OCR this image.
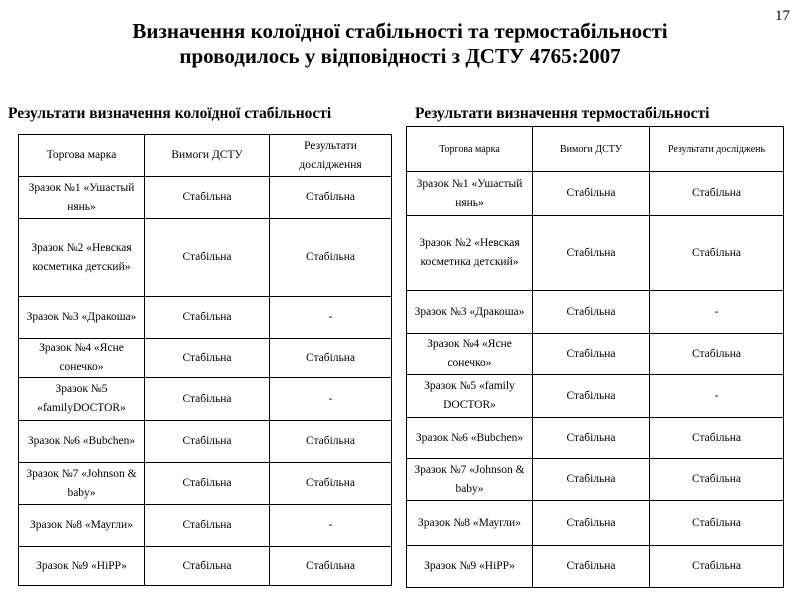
17
Визначення колоїдної стабільності та термостабільності
проводилось у відповідності з ДСТУ 4765:2007
Результати визначення колоїдної стабільності	Результати визначення термостабільності
Торгова марка	Вимоги ДСТУ	Результати дослідження
Зразок №1 «Ушастый нянь»	Стабільна	Стабільна
Зразок №2 «Невская косметика детский»	Стабільна	Стабільна
Зразок №3 «Дракоша»	Стабільна	-
Зразок №4 «Ясне сонечко»	Стабільна	Стабільна
Зразок №5 «familyDOCTOR»	Стабільна	-
Зразок №6 «Bubchen»	Стабільна	Стабільна
Зразок №7 «Johnson & baby»	Стабільна	Стабільна
Зразок №8 «Маугли»	Стабільна	-
Зразок №9 «HiPP»	Стабільна	Стабільна
Торгова марка	Вимоги ДСТУ	Результати досліджень
Зразок №1 «Ушастый нянь»	Стабільна	Стабільна
Зразок №2 «Невская косметика детский»	Стабільна	Стабільна
Зразок №3 «Дракоша»	Стабільна	-
Зразок №4 «Ясне сонечко»	Стабільна	Стабільна
Зразок №5 «family DOCTOR»	Стабільна	-
Зразок №6 «Bubchen»	Стабільна	Стабільна
Зразок №7 «Johnson & baby»	Стабільна	Стабільна
Зразок №8 «Маугли»	Стабільна	Стабільна
Зразок №9 «HiPP»	Стабільна	Стабільна
